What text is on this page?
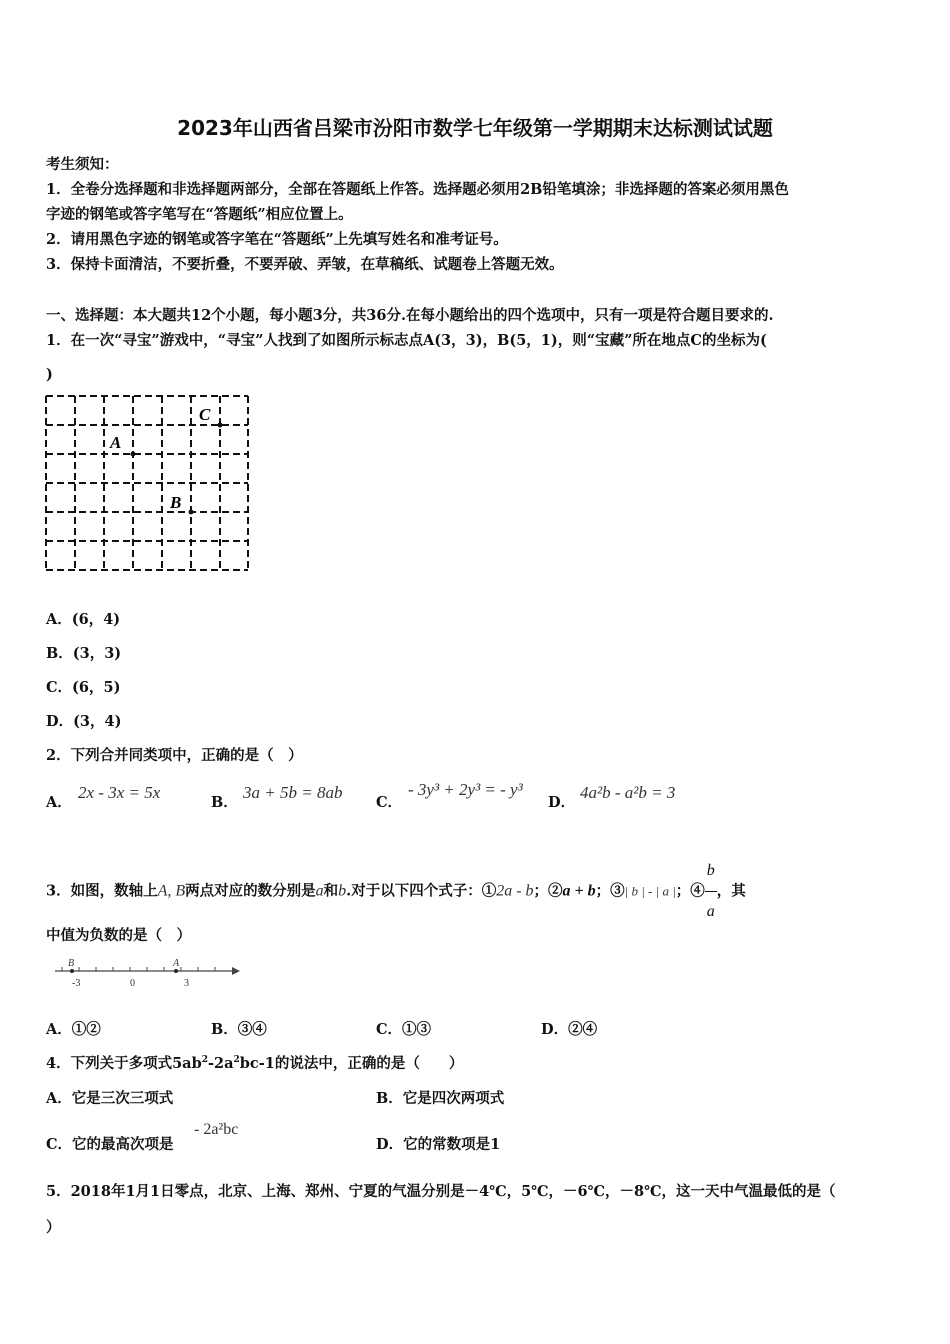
2023年山西省吕梁市汾阳市数学七年级第一学期期末达标测试试题
考生须知：
1．全卷分选择题和非选择题两部分，全部在答题纸上作答。选择题必须用2B铅笔填涂；非选择题的答案必须用黑色
字迹的钢笔或答字笔写在“答题纸”相应位置上。
2．请用黑色字迹的钢笔或答字笔在“答题纸”上先填写姓名和准考证号。
3．保持卡面清洁，不要折叠，不要弄破、弄皱，在草稿纸、试题卷上答题无效。
一、选择题：本大题共12个小题，每小题3分，共36分.在每小题给出的四个选项中，只有一项是符合题目要求的.
1．在一次“寻宝”游戏中，“寻宝”人找到了如图所示标志点A(3，3)，B(5，1)，则“宝藏”所在地点C的坐标为(
)
A
B
C
A．(6，4)
B．(3，3)
C．(6，5)
D．(3，4)
2．下列合并同类项中，正确的是（　）
A．
2x - 3x = 5x
B．
3a + 5b = 8ab
C．
- 3y³ + 2y³ = - y³
D．
4a²b - a²b = 3
3．如图，数轴上A, B两点对应的数分别是a和b.对于以下四个式子：①2a - b；②a + b；③| b | - | a |；④ $\frac{b}{a}$ ，其
中值为负数的是（　）
B	A
-3	0	3
A．①②	B．③④	C．①③	D．②④
4．下列关于多项式$5ab^2-2a^2bc-1$的说法中，正确的是（　　）
A．它是三次三项式	B．它是四次两项式
C．它的最高次项是
- 2a²bc
D．它的常数项是1
5．2018年1月1日零点，北京、上海、郑州、宁夏的气温分别是－4℃，5℃，－6℃，－8℃，这一天中气温最低的是（
）
